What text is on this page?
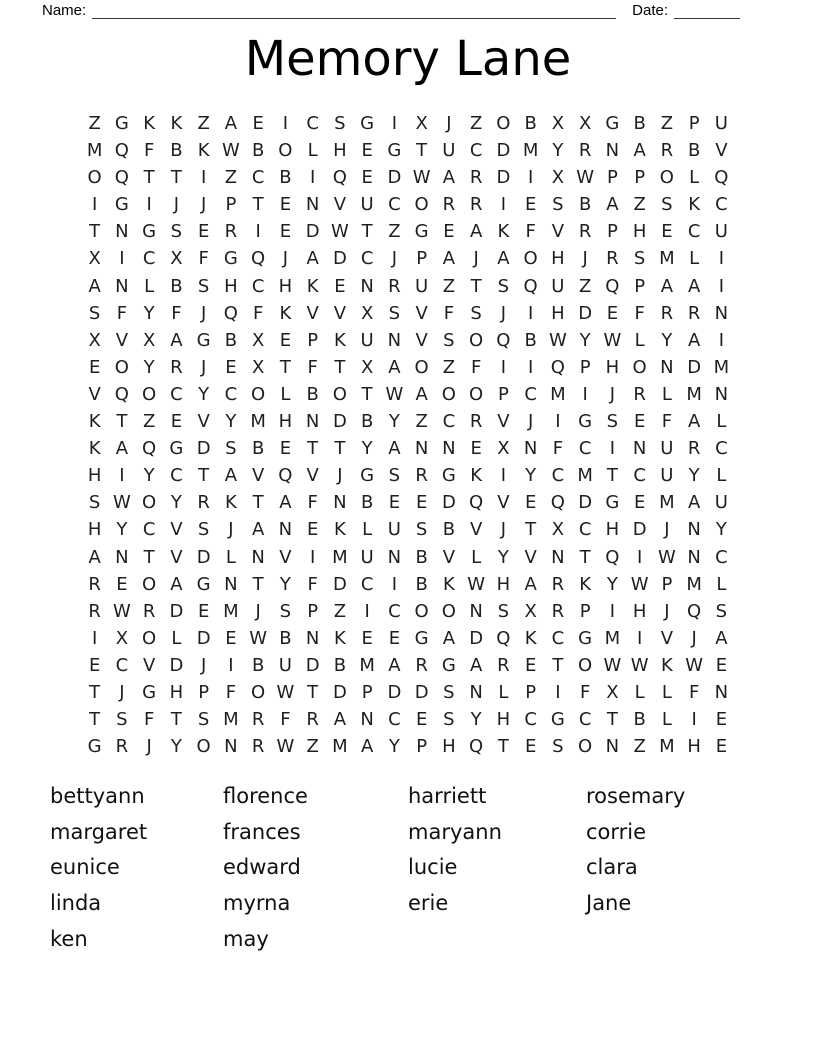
Name:	Date:
Memory Lane
Z G K K Z A E	I	C S G I	X	J	Z O B X X G B Z P U
M Q F B K W B O L H E G T U C D M Y R N A R B V
O Q T T	I	Z C B	I Q E D W A R D I	X W P P O L Q
I G I	J	J	P T E N V U C O R R	I	E S B A Z S K C
T N G S E R	I	E D W T Z G E A K F V R P H E C U
X	I	C X F G Q J	A D C	J	P A	J	A O H J	R S M L	I
A N L B S H C H K E N R U Z T S Q U Z Q P A A	I
S F Y F	J Q F K V V X S V F S	J	I H D E F R R N
X V X A G B X E P K U N V S O Q B W Y W L Y A	I
E O Y R	J	E X T F T X A O Z F	I	I Q P H O N D M
V Q O C Y C O L B O T W A O O P C M I	J	R L M N
K T Z E V Y M H N D B Y Z C R V	J	I G S E F A L
K A Q G D S B E T T Y A N N E X N F C	I N U R C
H I	Y C T A V Q V	J G S R G K	I	Y C M T C U Y L
S W O Y R K T A F N B E E D Q V E Q D G E M A U
H Y C V S	J	A N E K L U S B V	J	T X C H D J N Y
A N T V D L N V	I M U N B V L Y V N T Q I W N C
R E O A G N T Y F D C	I	B K W H A R K Y W P M L
R W R D E M J	S P Z	I	C O O N S X R P	I H J Q S
I	X O L D E W B N K E E G A D Q K C G M I	V	J	A
E C V D J	I	B U D B M A R G A R E T O W W K W E
T	J G H P F O W T D P D D S N L P	I	F X L L F N
T S F T S M R F R A N C E S Y H C G C T B L	I	E
G R	J	Y O N R W Z M A Y P H Q T E S O N Z M H E
bettyann
margaret
eunice
linda
ken
florence
frances
edward
myrna
may
harriett
maryann
lucie
erie
rosemary
corrie
clara
Jane
